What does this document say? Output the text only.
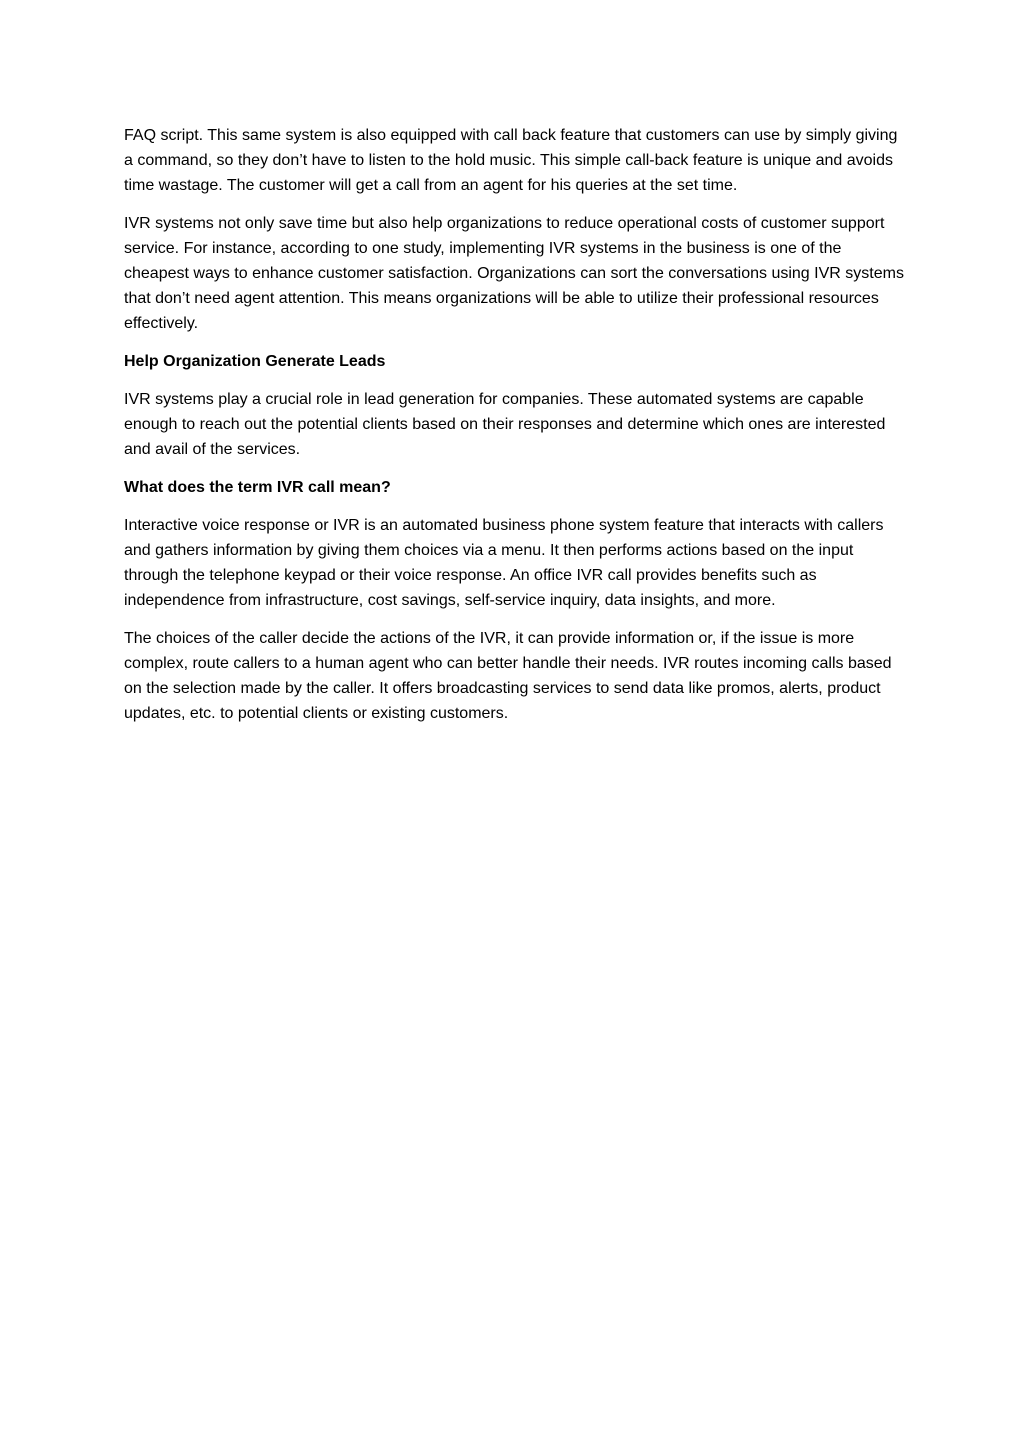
FAQ script. This same system is also equipped with call back feature that customers can use by simply giving a command, so they don’t have to listen to the hold music. This simple call-back feature is unique and avoids time wastage. The customer will get a call from an agent for his queries at the set time.

IVR systems not only save time but also help organizations to reduce operational costs of customer support service. For instance, according to one study, implementing IVR systems in the business is one of the cheapest ways to enhance customer satisfaction. Organizations can sort the conversations using IVR systems that don’t need agent attention. This means organizations will be able to utilize their professional resources effectively.

Help Organization Generate Leads

IVR systems play a crucial role in lead generation for companies. These automated systems are capable enough to reach out the potential clients based on their responses and determine which ones are interested and avail of the services.

What does the term IVR call mean?

Interactive voice response or IVR is an automated business phone system feature that interacts with callers and gathers information by giving them choices via a menu. It then performs actions based on the input through the telephone keypad or their voice response. An office IVR call provides benefits such as independence from infrastructure, cost savings, self-service inquiry, data insights, and more.

The choices of the caller decide the actions of the IVR, it can provide information or, if the issue is more complex, route callers to a human agent who can better handle their needs. IVR routes incoming calls based on the selection made by the caller. It offers broadcasting services to send data like promos, alerts, product updates, etc. to potential clients or existing customers.
